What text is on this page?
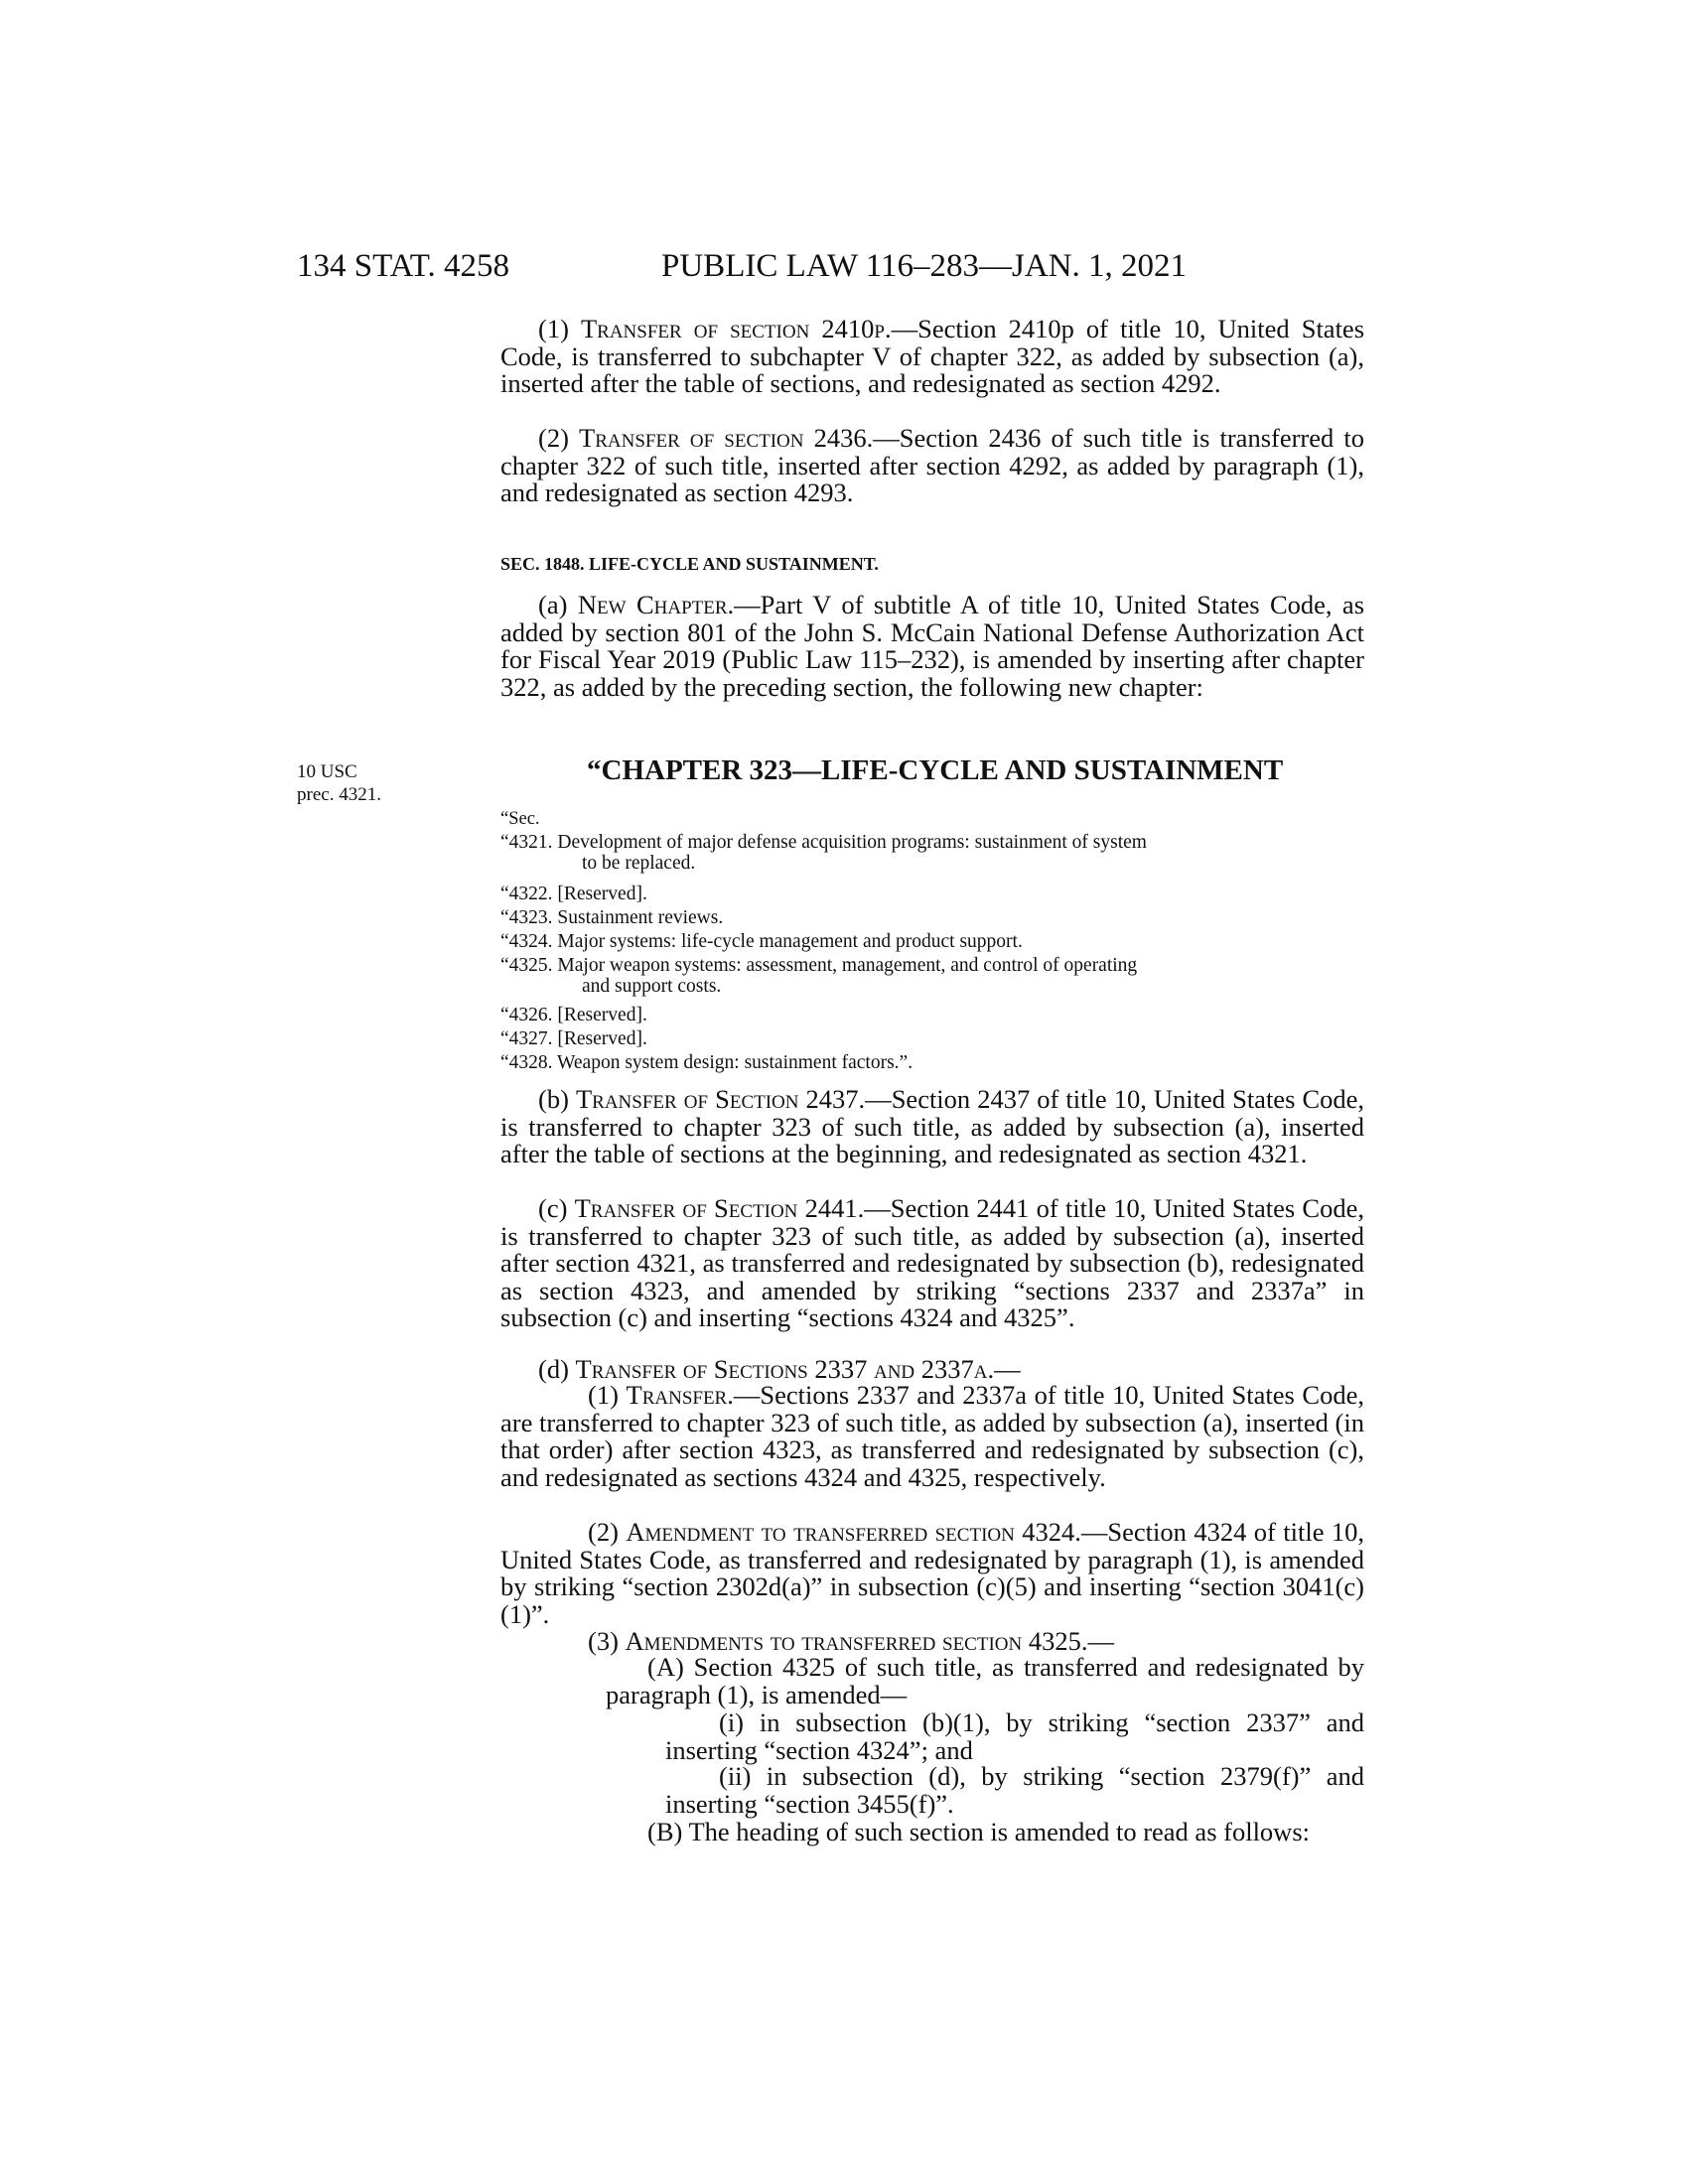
134 STAT. 4258	PUBLIC LAW 116–283—JAN. 1, 2021

(1) Transfer of section 2410p.—Section 2410p of title 10, United States Code, is transferred to subchapter V of chapter 322, as added by subsection (a), inserted after the table of sections, and redesignated as section 4292.

(2) Transfer of section 2436.—Section 2436 of such title is transferred to chapter 322 of such title, inserted after section 4292, as added by paragraph (1), and redesignated as section 4293.

SEC. 1848. LIFE-CYCLE AND SUSTAINMENT.

(a) New Chapter.—Part V of subtitle A of title 10, United States Code, as added by section 801 of the John S. McCain National Defense Authorization Act for Fiscal Year 2019 (Public Law 115–232), is amended by inserting after chapter 322, as added by the preceding section, the following new chapter:

10 USC
prec. 4321.
“CHAPTER 323—LIFE-CYCLE AND SUSTAINMENT
“Sec.
“4321. Development of major defense acquisition programs: sustainment of system
to be replaced.
“4322. [Reserved].
“4323. Sustainment reviews.
“4324. Major systems: life-cycle management and product support.
“4325. Major weapon systems: assessment, management, and control of operating
and support costs.
“4326. [Reserved].
“4327. [Reserved].
“4328. Weapon system design: sustainment factors.”.

(b) Transfer of Section 2437.—Section 2437 of title 10, United States Code, is transferred to chapter 323 of such title, as added by subsection (a), inserted after the table of sections at the beginning, and redesignated as section 4321.

(c) Transfer of Section 2441.—Section 2441 of title 10, United States Code, is transferred to chapter 323 of such title, as added by subsection (a), inserted after section 4321, as transferred and redesignated by subsection (b), redesignated as section 4323, and amended by striking “sections 2337 and 2337a” in subsection (c) and inserting “sections 4324 and 4325”.

(d) Transfer of Sections 2337 and 2337a.—

(1) Transfer.—Sections 2337 and 2337a of title 10, United States Code, are transferred to chapter 323 of such title, as added by subsection (a), inserted (in that order) after section 4323, as transferred and redesignated by subsection (c), and redesignated as sections 4324 and 4325, respectively.

(2) Amendment to transferred section 4324.—Section 4324 of title 10, United States Code, as transferred and redesignated by paragraph (1), is amended by striking “section 2302d(a)” in subsection (c)(5) and inserting “section 3041(c)(1)”.

(3) Amendments to transferred section 4325.—

(A) Section 4325 of such title, as transferred and redesignated by paragraph (1), is amended—

(i) in subsection (b)(1), by striking “section 2337” and inserting “section 4324”; and

(ii) in subsection (d), by striking “section 2379(f)” and inserting “section 3455(f)”.

(B) The heading of such section is amended to read as follows:
